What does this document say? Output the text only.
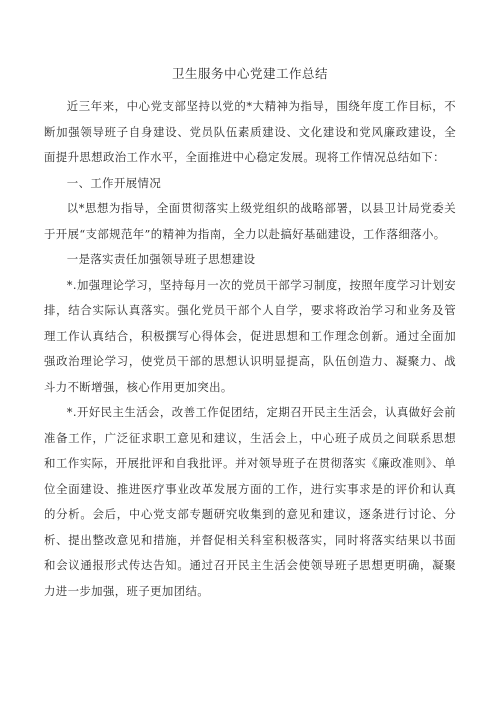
卫生服务中心党建工作总结

近三年来，中心党支部坚持以党的*大精神为指导，围绕年度工作目标，不断加强领导班子自身建设、党员队伍素质建设、文化建设和党风廉政建设，全面提升思想政治工作水平，全面推进中心稳定发展。现将工作情况总结如下：

一、工作开展情况

以*思想为指导，全面贯彻落实上级党组织的战略部署，以县卫计局党委关于开展“支部规范年”的精神为指南，全力以赴搞好基础建设，工作落细落小。

一是落实责任加强领导班子思想建设

*.加强理论学习，坚持每月一次的党员干部学习制度，按照年度学习计划安排，结合实际认真落实。强化党员干部个人自学，要求将政治学习和业务及管理工作认真结合，积极撰写心得体会，促进思想和工作理念创新。通过全面加强政治理论学习，使党员干部的思想认识明显提高，队伍创造力、凝聚力、战斗力不断增强，核心作用更加突出。

*.开好民主生活会，改善工作促团结，定期召开民主生活会，认真做好会前准备工作，广泛征求职工意见和建议，生活会上，中心班子成员之间联系思想和工作实际，开展批评和自我批评。并对领导班子在贯彻落实《廉政准则》、单位全面建设、推进医疗事业改革发展方面的工作，进行实事求是的评价和认真的分析。会后，中心党支部专题研究收集到的意见和建议，逐条进行讨论、分析、提出整改意见和措施，并督促相关科室积极落实，同时将落实结果以书面和会议通报形式传达告知。通过召开民主生活会使领导班子思想更明确，凝聚力进一步加强，班子更加团结。
